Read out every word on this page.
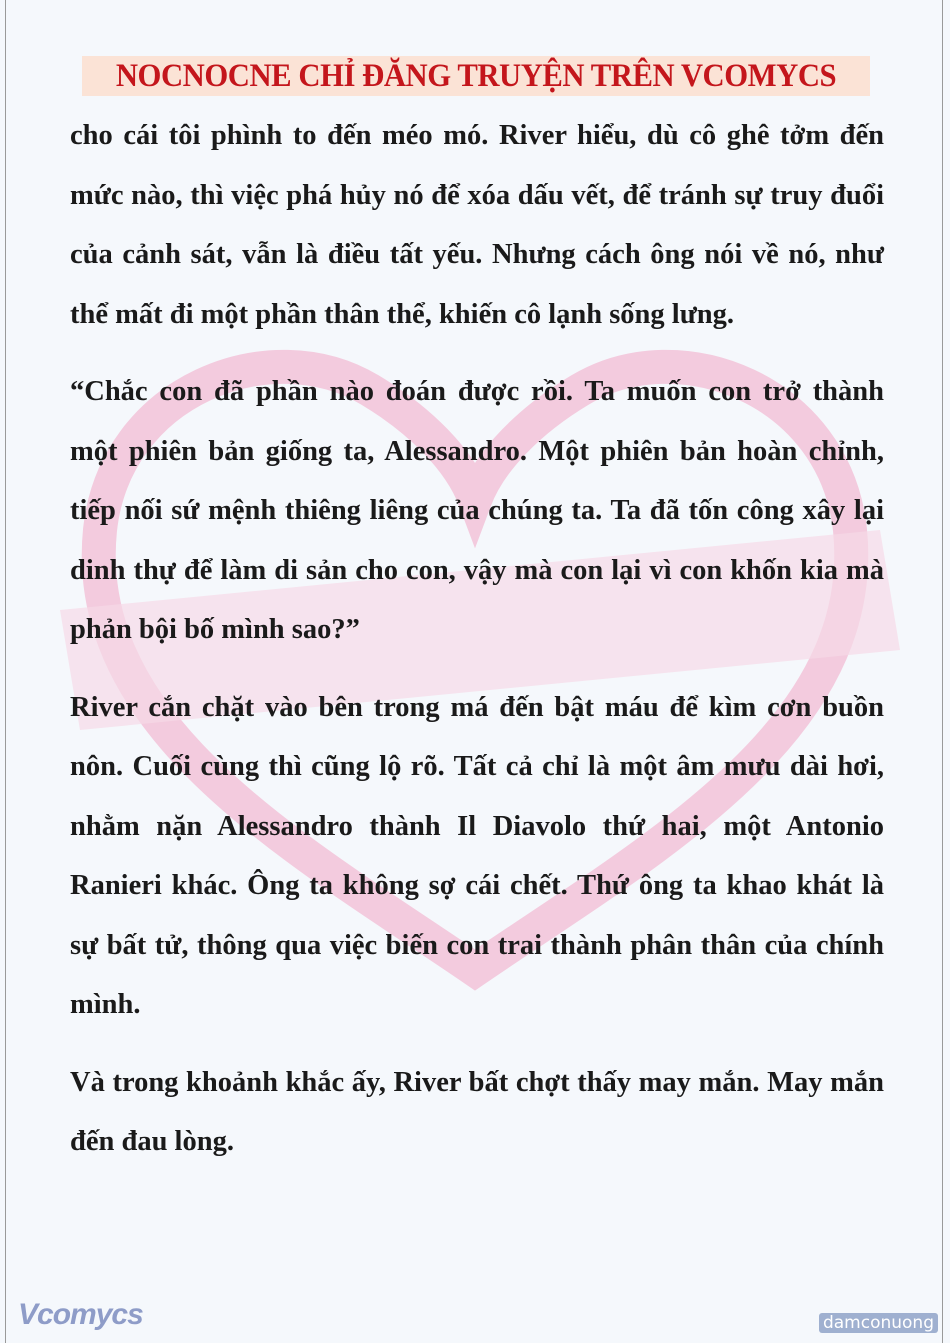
NOCNOCNE CHỈ ĐĂNG TRUYỆN TRÊN VCOMYCS
cho cái tôi phình to đến méo mó. River hiểu, dù cô ghê tởm đến
mức nào, thì việc phá hủy nó để xóa dấu vết, để tránh sự truy đuổi
của cảnh sát, vẫn là điều tất yếu. Nhưng cách ông nói về nó, như
thể mất đi một phần thân thể, khiến cô lạnh sống lưng.
“Chắc con đã phần nào đoán được rồi. Ta muốn con trở thành
một phiên bản giống ta, Alessandro. Một phiên bản hoàn chỉnh,
tiếp nối sứ mệnh thiêng liêng của chúng ta. Ta đã tốn công xây lại
dinh thự để làm di sản cho con, vậy mà con lại vì con khốn kia mà
phản bội bố mình sao?”
River cắn chặt vào bên trong má đến bật máu để kìm cơn buồn
nôn. Cuối cùng thì cũng lộ rõ. Tất cả chỉ là một âm mưu dài hơi,
nhằm nặn Alessandro thành Il Diavolo thứ hai, một Antonio
Ranieri khác. Ông ta không sợ cái chết. Thứ ông ta khao khát là
sự bất tử, thông qua việc biến con trai thành phân thân của chính
mình.
Và trong khoảnh khắc ấy, River bất chợt thấy may mắn. May mắn
đến đau lòng.
Vcomycs	damconuong
